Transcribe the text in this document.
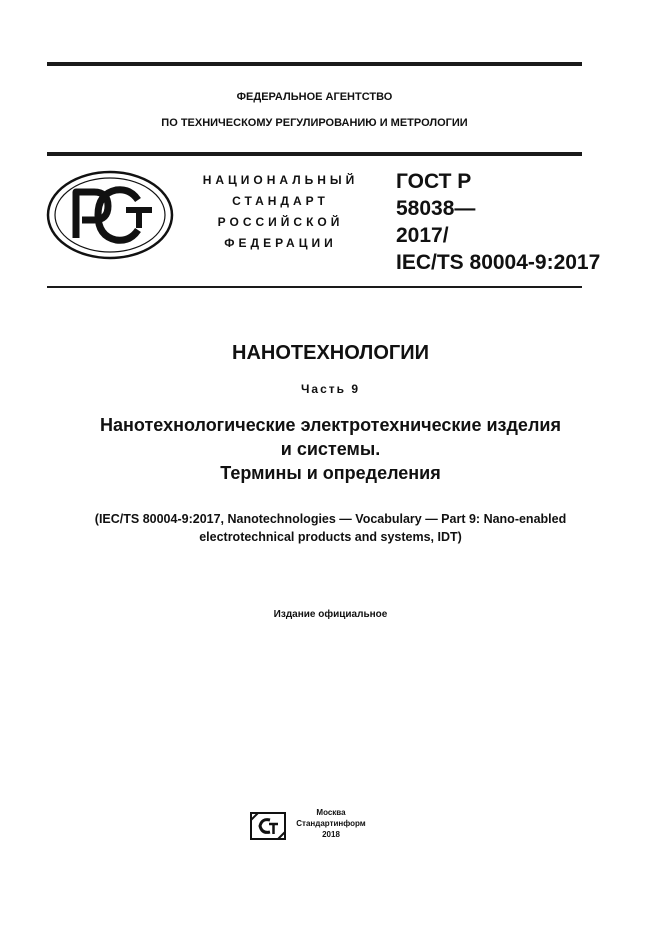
ФЕДЕРАЛЬНОЕ АГЕНТСТВО
ПО ТЕХНИЧЕСКОМУ РЕГУЛИРОВАНИЮ И МЕТРОЛОГИИ
НАЦИОНАЛЬНЫЙ
СТАНДАРТ
РОССИЙСКОЙ
ФЕДЕРАЦИИ
ГОСТ Р
58038—
2017/
IEC/TS 80004-9:2017
НАНОТЕХНОЛОГИИ
Часть 9
Нанотехнологические электротехнические изделия
и системы.
Термины и определения
(IEC/TS 80004-9:2017, Nanotechnologies — Vocabulary — Part 9: Nano-enabled
electrotechnical products and systems, IDT)
Издание официальное
Москва
Стандартинформ
2018
